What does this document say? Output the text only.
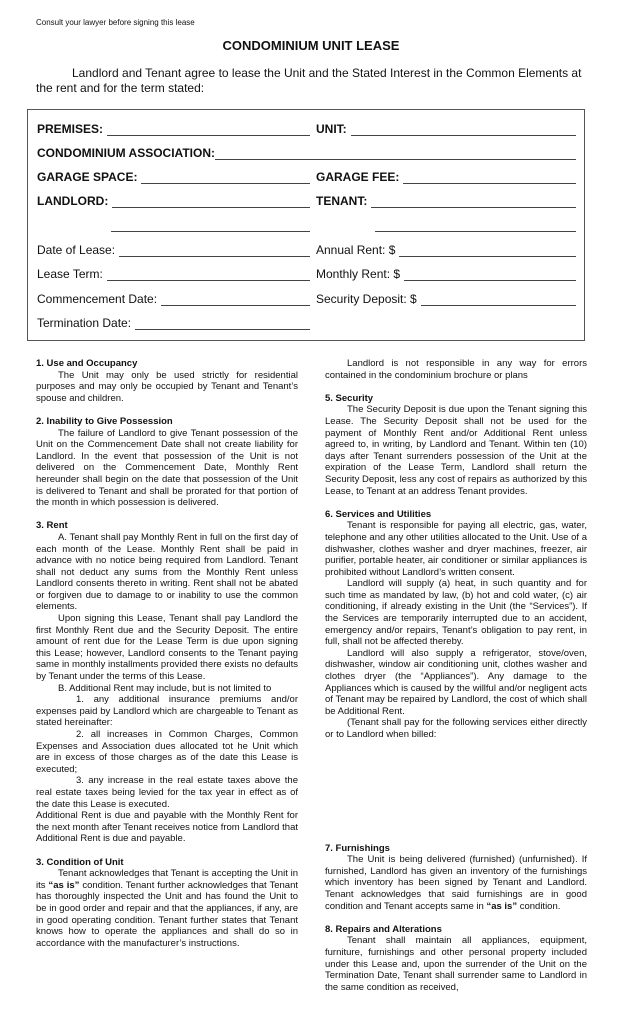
Consult your lawyer before signing this lease
CONDOMINIUM UNIT LEASE
Landlord and Tenant agree to lease the Unit and the Stated Interest in the Common Elements at the rent and for the term stated:
PREMISES:	UNIT:
CONDOMINIUM ASSOCIATION:
GARAGE SPACE:	GARAGE FEE:
LANDLORD:	TENANT:
Date of Lease:	Annual Rent: $
Lease Term:	Monthly Rent: $
Commencement Date:	Security Deposit: $
Termination Date:

1. Use and Occupancy

The Unit may only be used strictly for residential purposes and may only be occupied by Tenant and Tenant’s spouse and children.

2. Inability to Give Possession

The failure of Landlord to give Tenant possession of the Unit on the Commencement Date shall not create liability for Landlord. In the event that possession of the Unit is not delivered on the Commencement Date, Monthly Rent hereunder shall begin on the date that possession of the Unit is delivered to Tenant and shall be prorated for that portion of the month in which possession is delivered.

3. Rent

A. Tenant shall pay Monthly Rent in full on the first day of each month of the Lease. Monthly Rent shall be paid in advance with no notice being required from Landlord. Tenant shall not deduct any sums from the Monthly Rent unless Landlord consents thereto in writing. Rent shall not be abated or forgiven due to damage to or inability to use the common elements.

Upon signing this Lease, Tenant shall pay Landlord the first Monthly Rent due and the Security Deposit. The entire amount of rent due for the Lease Term is due upon signing this Lease; however, Landlord consents to the Tenant paying same in monthly installments provided there exists no defaults by Tenant under the terms of this Lease.

B. Additional Rent may include, but is not limited to

1. any additional insurance premiums and/or expenses paid by Landlord which are chargeable to Tenant as stated hereinafter:

2. all increases in Common Charges, Common Expenses and Association dues allocated tot he Unit which are in excess of those charges as of the date this Lease is executed;

3. any increase in the real estate taxes above the real estate taxes being levied for the tax year in effect as of the date this Lease is executed.

Additional Rent is due and payable with the Monthly Rent for the next month after Tenant receives notice from Landlord that Additional Rent is due and payable.

3. Condition of Unit

Tenant acknowledges that Tenant is accepting the Unit in its “as is” condition. Tenant further acknowledges that Tenant has thoroughly inspected the Unit and has found the Unit to be in good order and repair and that the appliances, if any, are in good operating condition. Tenant further states that Tenant knows how to operate the appliances and shall do so in accordance with the manufacturer’s instructions.

Landlord is not responsible in any way for errors contained in the condominium brochure or plans

5. Security

The Security Deposit is due upon the Tenant signing this Lease. The Security Deposit shall not be used for the payment of Monthly Rent and/or Additional Rent unless agreed to, in writing, by Landlord and Tenant. Within ten (10) days after Tenant surrenders possession of the Unit at the expiration of the Lease Term, Landlord shall return the Security Deposit, less any cost of repairs as authorized by this Lease, to Tenant at an address Tenant provides.

6. Services and Utilities

Tenant is responsible for paying all electric, gas, water, telephone and any other utilities allocated to the Unit. Use of a dishwasher, clothes washer and dryer machines, freezer, air purifier, portable heater, air conditioner or similar appliances is prohibited without Landlord’s written consent.

Landlord will supply (a) heat, in such quantity and for such time as mandated by law, (b) hot and cold water, (c) air conditioning, if already existing in the Unit (the “Services”). If the Services are temporarily interrupted due to an accident, emergency and/or repairs, Tenant’s obligation to pay rent, in full, shall not be affected thereby.

Landlord will also supply a refrigerator, stove/oven, dishwasher, window air conditioning unit, clothes washer and clothes dryer (the “Appliances”). Any damage to the Appliances which is caused by the willful and/or negligent acts of Tenant may be repaired by Landlord, the cost of which shall be Additional Rent.

(Tenant shall pay for the following services either directly or to Landlord when billed:

7. Furnishings

The Unit is being delivered (furnished) (unfurnished). If furnished, Landlord has given an inventory of the furnishings which inventory has been signed by Tenant and Landlord. Tenant acknowledges that said furnishings are in good condition and Tenant accepts same in “as is” condition.

8. Repairs and Alterations

Tenant shall maintain all appliances, equipment, furniture, furnishings and other personal property included under this Lease and, upon the surrender of the Unit on the Termination Date, Tenant shall surrender same to Landlord in the same condition as received,
